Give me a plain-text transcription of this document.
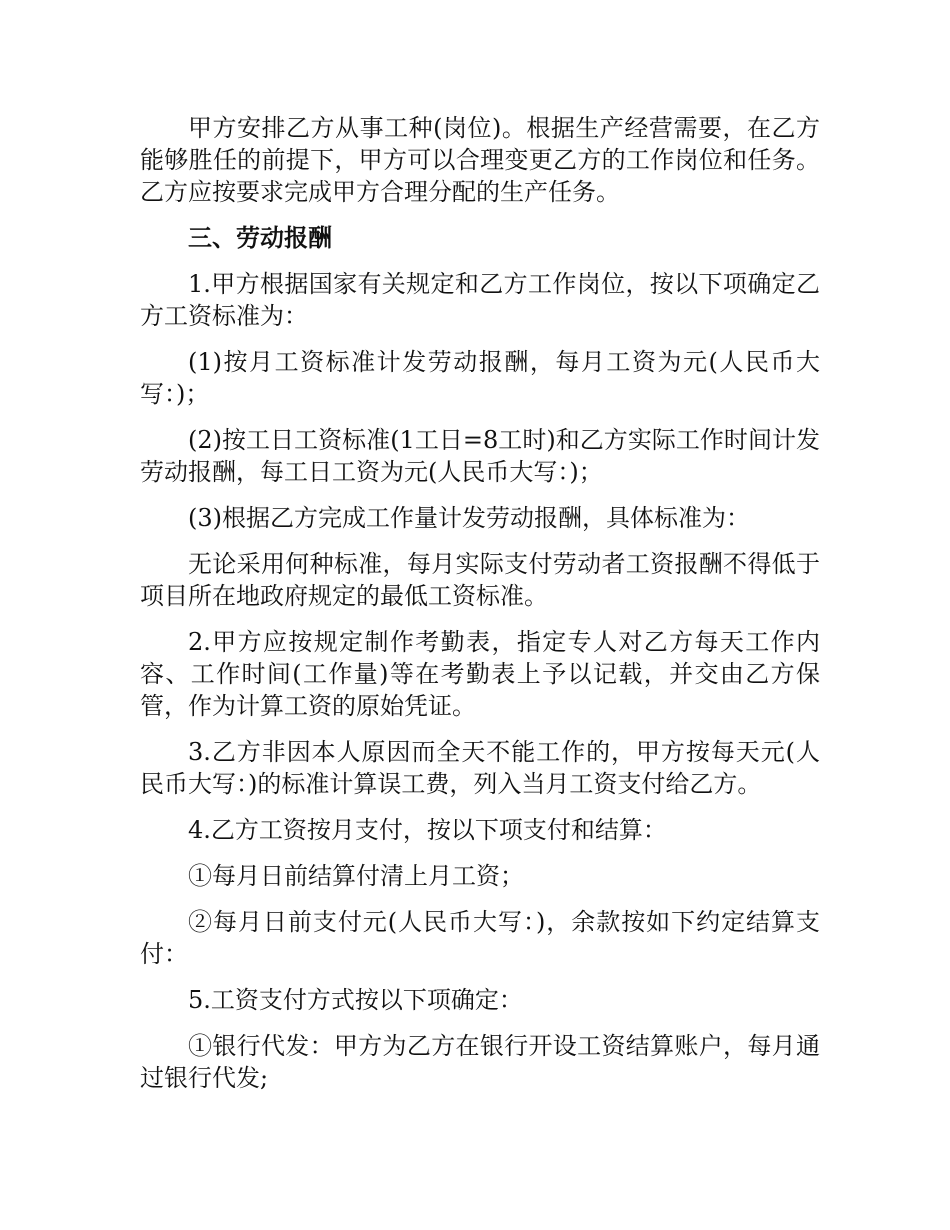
甲方安排乙方从事工种(岗位)。根据生产经营需要，在乙方能够胜任的前提下，甲方可以合理变更乙方的工作岗位和任务。乙方应按要求完成甲方合理分配的生产任务。

三、劳动报酬

1.甲方根据国家有关规定和乙方工作岗位，按以下项确定乙方工资标准为：

(1)按月工资标准计发劳动报酬，每月工资为元(人民币大写：)；

(2)按工日工资标准(1工日=8工时)和乙方实际工作时间计发劳动报酬，每工日工资为元(人民币大写：)；

(3)根据乙方完成工作量计发劳动报酬，具体标准为：

无论采用何种标准，每月实际支付劳动者工资报酬不得低于项目所在地政府规定的最低工资标准。

2.甲方应按规定制作考勤表，指定专人对乙方每天工作内容、工作时间(工作量)等在考勤表上予以记载，并交由乙方保管，作为计算工资的原始凭证。

3.乙方非因本人原因而全天不能工作的，甲方按每天元(人民币大写：)的标准计算误工费，列入当月工资支付给乙方。

4.乙方工资按月支付，按以下项支付和结算：

①每月日前结算付清上月工资；

②每月日前支付元(人民币大写：)，余款按如下约定结算支付：

5.工资支付方式按以下项确定：

①银行代发：甲方为乙方在银行开设工资结算账户，每月通过银行代发;
